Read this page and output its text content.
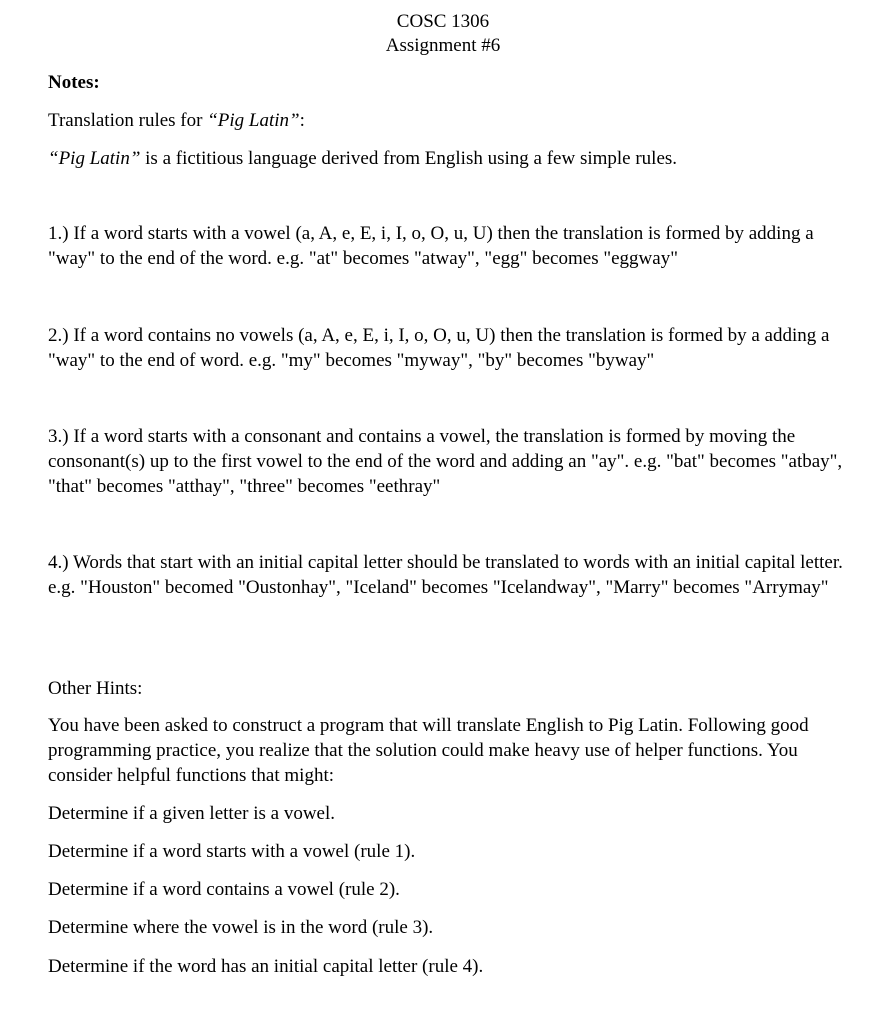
COSC 1306
Assignment #6
Notes:
Translation rules for “Pig Latin”:
“Pig Latin” is a fictitious language derived from English using a few simple rules.
1.) If a word starts with a vowel (a, A, e, E, i, I, o, O, u, U) then the translation is formed by adding a "way" to the end of the word. e.g. "at" becomes "atway", "egg" becomes "eggway"
2.) If a word contains no vowels (a, A, e, E, i, I, o, O, u, U) then the translation is formed by a adding a "way" to the end of word. e.g. "my" becomes "myway", "by" becomes "byway"
3.) If a word starts with a consonant and contains a vowel, the translation is formed by moving the consonant(s) up to the first vowel to the end of the word and adding an "ay". e.g. "bat" becomes "atbay", "that" becomes "atthay", "three" becomes "eethray"
4.) Words that start with an initial capital letter should be translated to words with an initial capital letter. e.g. "Houston" becomed "Oustonhay", "Iceland" becomes "Icelandway", "Marry" becomes "Arrymay"
Other Hints:
You have been asked to construct a program that will translate English to Pig Latin. Following good programming practice, you realize that the solution could make heavy use of helper functions. You consider helpful functions that might:
Determine if a given letter is a vowel.
Determine if a word starts with a vowel (rule 1).
Determine if a word contains a vowel (rule 2).
Determine where the vowel is in the word (rule 3).
Determine if the word has an initial capital letter (rule 4).
